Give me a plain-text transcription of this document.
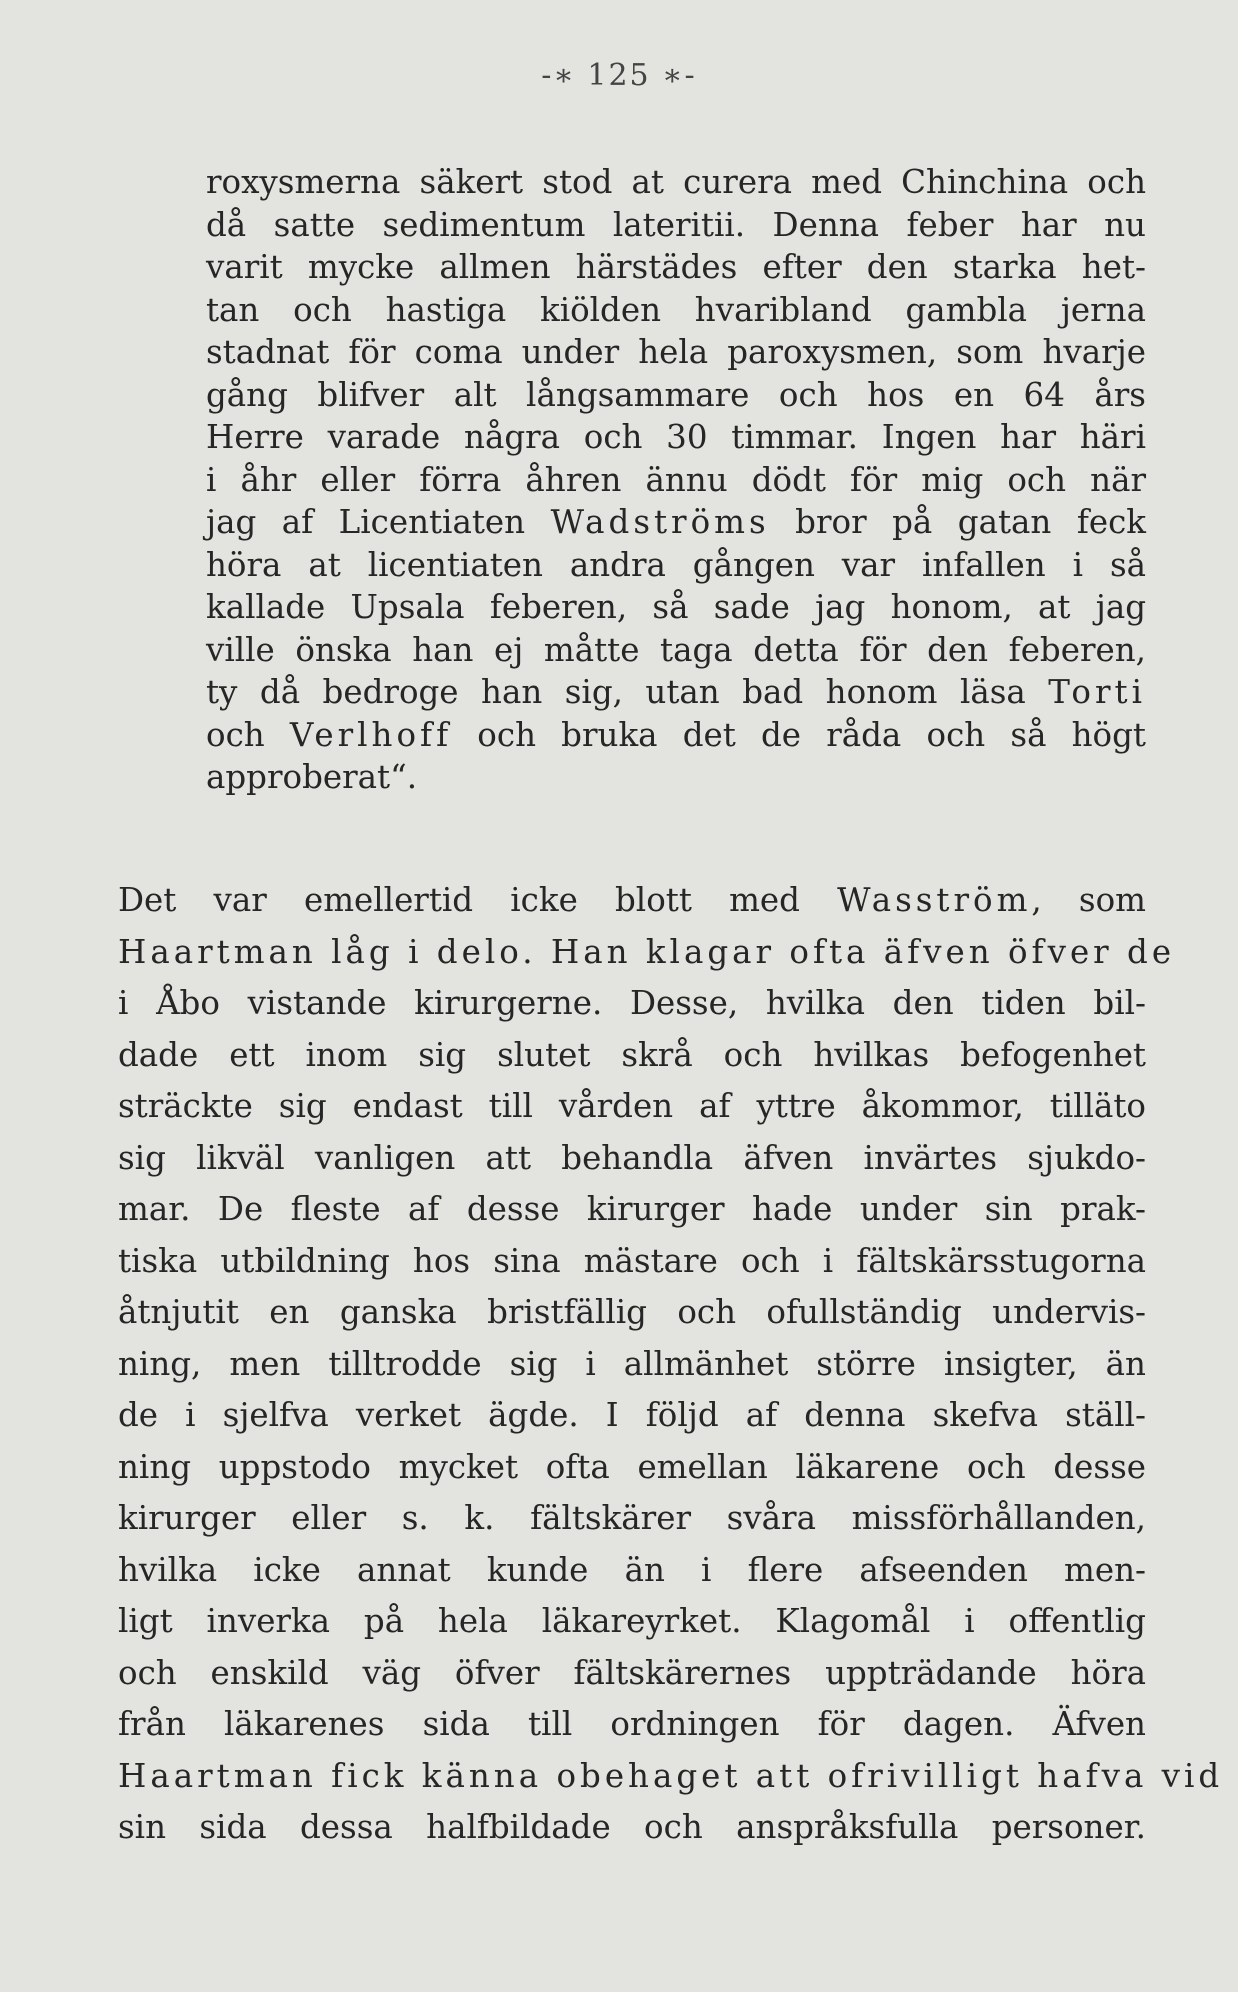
-∗ 125 ∗-
roxysmerna säkert stod at curera med Chinchina och
då satte sedimentum lateritii. Denna feber har nu
varit mycke allmen härstädes efter den starka het-
tan och hastiga kiölden hvaribland gambla jerna
stadnat för coma under hela paroxysmen, som hvarje
gång blifver alt långsammare och hos en 64 års
Herre varade några och 30 timmar. Ingen har häri
i åhr eller förra åhren ännu dödt för mig och när
jag af Licentiaten Wadströms bror på gatan feck
höra at licentiaten andra gången var infallen i så
kallade Upsala feberen, så sade jag honom, at jag
ville önska han ej måtte taga detta för den feberen,
ty då bedroge han sig, utan bad honom läsa Torti
och Verlhoff och bruka det de råda och så högt
approberat“.
Det var emellertid icke blott med Wasström, som
Haartman låg i delo. Han klagar ofta äfven öfver de
i Åbo vistande kirurgerne. Desse, hvilka den tiden bil-
dade ett inom sig slutet skrå och hvilkas befogenhet
sträckte sig endast till vården af yttre åkommor, tilläto
sig likväl vanligen att behandla äfven invärtes sjukdo-
mar. De fleste af desse kirurger hade under sin prak-
tiska utbildning hos sina mästare och i fältskärsstugorna
åtnjutit en ganska bristfällig och ofullständig undervis-
ning, men tilltrodde sig i allmänhet större insigter, än
de i sjelfva verket ägde. I följd af denna skefva ställ-
ning uppstodo mycket ofta emellan läkarene och desse
kirurger eller s. k. fältskärer svåra missförhållanden,
hvilka icke annat kunde än i flere afseenden men-
ligt inverka på hela läkareyrket. Klagomål i offentlig
och enskild väg öfver fältskärernes uppträdande höra
från läkarenes sida till ordningen för dagen. Äfven
Haartman fick känna obehaget att ofrivilligt hafva vid
sin sida dessa halfbildade och anspråksfulla personer.
